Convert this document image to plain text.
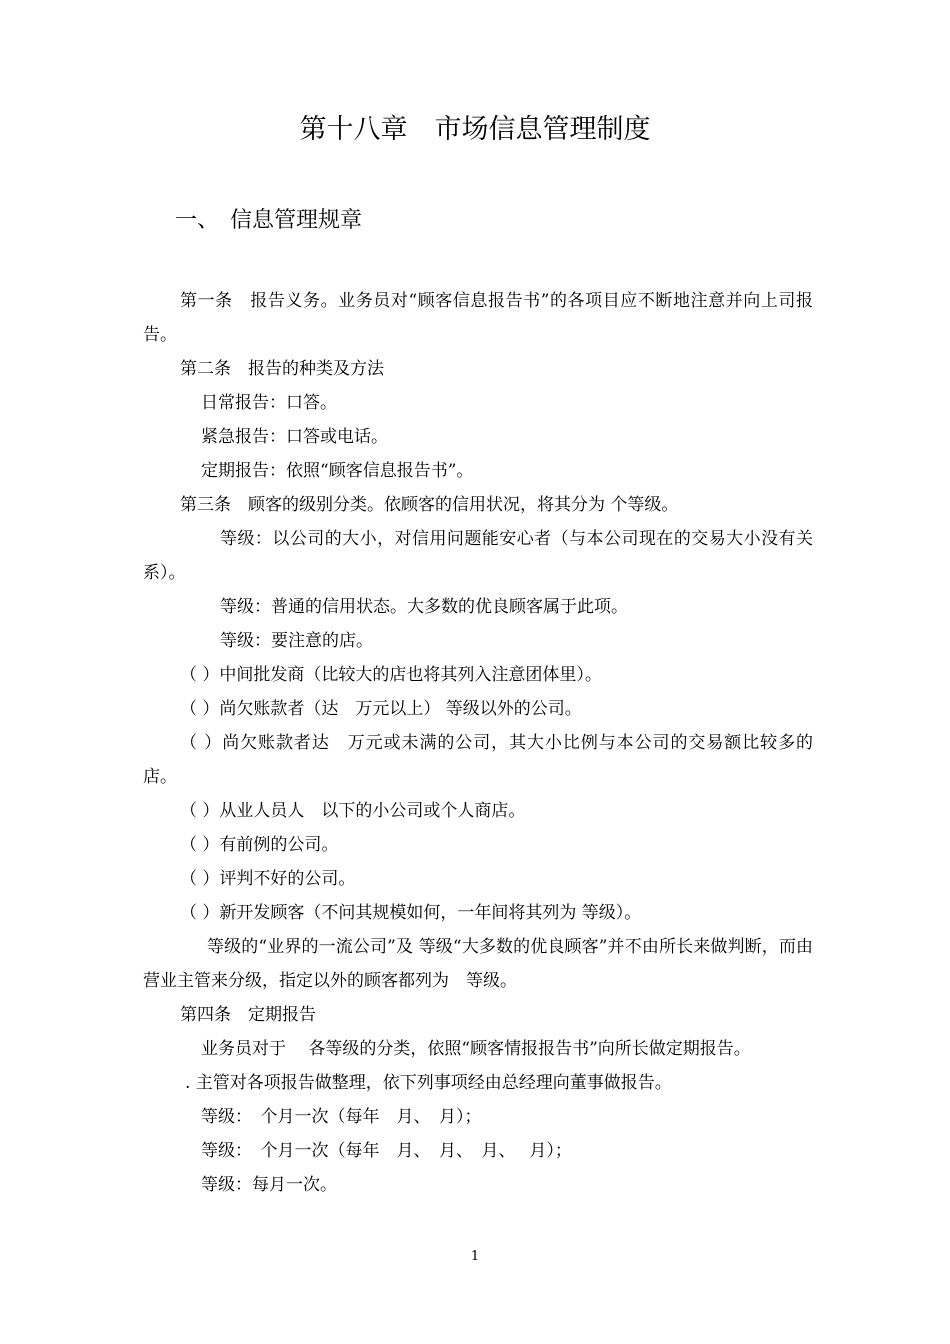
第十八章　市场信息管理制度
一、　信息管理规章

第一条　报告义务。业务员对“顾客信息报告书”的各项目应不断地注意并向上司报告。

第二条　报告的种类及方法

日常报告：口答。

紧急报告：口答或电话。

定期报告：依照“顾客信息报告书”。

第三条　顾客的级别分类。依顾客的信用状况，将其分为 个等级。

等级：以公司的大小，对信用问题能安心者（与本公司现在的交易大小没有关系）。

等级：普通的信用状态。大多数的优良顾客属于此项。

等级：要注意的店。

（ ）中间批发商（比较大的店也将其列入注意团体里）。

（ ）尚欠账款者（达　万元以上） 等级以外的公司。

（ ）尚欠账款者达　万元或未满的公司，其大小比例与本公司的交易额比较多的店。

（ ）从业人员人　以下的小公司或个人商店。

（ ）有前例的公司。

（ ）评判不好的公司。

（ ）新开发顾客（不问其规模如何，一年间将其列为 等级）。

等级的“业界的一流公司”及 等级“大多数的优良顾客”并不由所长来做判断，而由营业主管来分级，指定以外的顾客都列为　等级。

第四条　定期报告

业务员对于　 各等级的分类，依照“顾客情报报告书”向所长做定期报告。

. 主管对各项报告做整理，依下列事项经由总经理向董事做报告。

等级：　个月一次（每年　月、　月）；

等级：　个月一次（每年　月、　月、　月、　 月）；

等级：每月一次。

1
